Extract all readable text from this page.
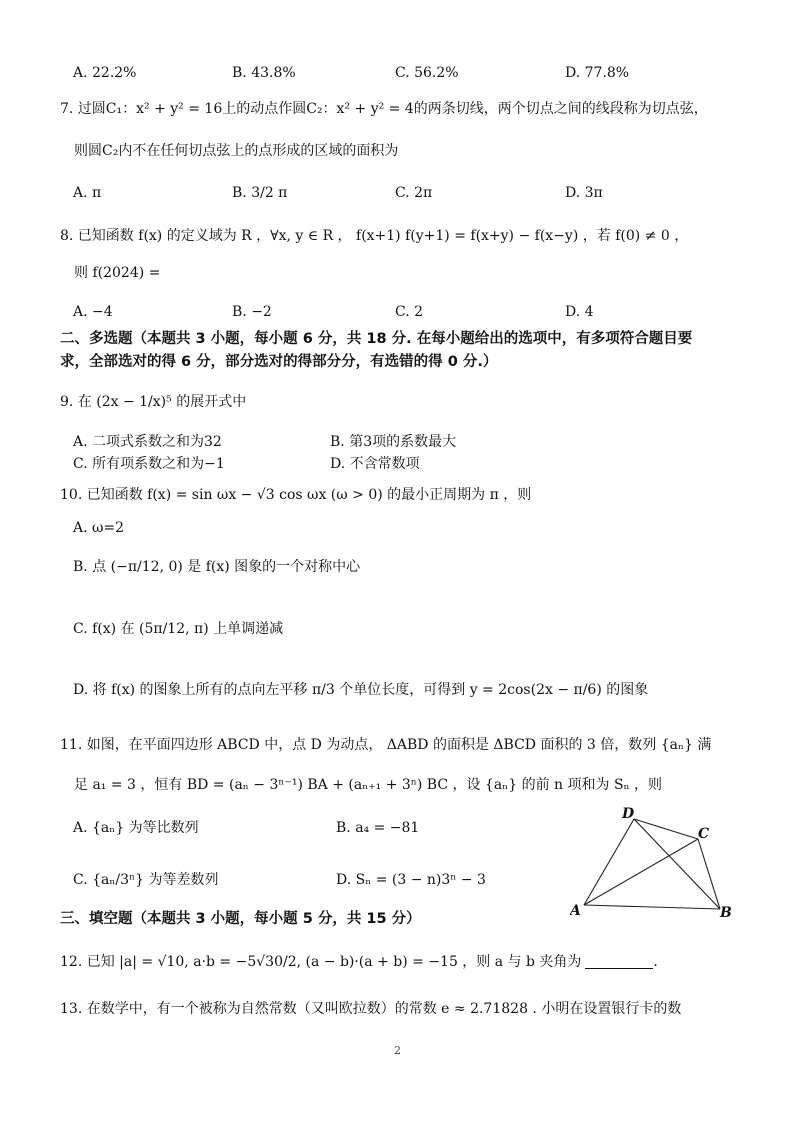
A. 22.2%	B. 43.8%	C. 56.2%	D. 77.8%
7. 过圆C₁：x² + y² = 16上的动点作圆C₂：x² + y² = 4的两条切线，两个切点之间的线段称为切点弦，
则圆C₂内不在任何切点弦上的点形成的区域的面积为
A. π	B. 3/2 π	C. 2π	D. 3π
8. 已知函数 f(x) 的定义域为 R ，∀x, y ∈ R ， f(x+1) f(y+1) = f(x+y) − f(x−y) ，若 f(0) ≠ 0 ，
则 f(2024) =
A. −4	B. −2	C. 2	D. 4
二、多选题（本题共 3 小题，每小题 6 分，共 18 分. 在每小题给出的选项中，有多项符合题目要
求，全部选对的得 6 分，部分选对的得部分分，有选错的得 0 分.）
9. 在 (2x − 1/x)⁵ 的展开式中
A. 二项式系数之和为32	B. 第3项的系数最大
C. 所有项系数之和为−1	D. 不含常数项
10. 已知函数 f(x) = sin ωx − √3 cos ωx (ω > 0) 的最小正周期为 π ，则
A. ω=2
B. 点 (−π/12, 0) 是 f(x) 图象的一个对称中心
C. f(x) 在 (5π/12, π) 上单调递减
D. 将 f(x) 的图象上所有的点向左平移 π/3 个单位长度，可得到 y = 2cos(2x − π/6) 的图象
11. 如图，在平面四边形 ABCD 中，点 D 为动点， ΔABD 的面积是 ΔBCD 面积的 3 倍，数列 {aₙ} 满
足 a₁ = 3 ，恒有 BD = (aₙ − 3ⁿ⁻¹) BA + (aₙ₊₁ + 3ⁿ) BC ，设 {aₙ} 的前 n 项和为 Sₙ ，则
A. {aₙ} 为等比数列	B. a₄ = −81
C. {aₙ/3ⁿ} 为等差数列	D. Sₙ = (3 − n)3ⁿ − 3
D
C
A	B
三、填空题（本题共 3 小题，每小题 5 分，共 15 分）
12. 已知 |a| = √10, a·b = −5√30/2, (a − b)·(a + b) = −15 ，则 a 与 b 夹角为	.
13. 在数学中，有一个被称为自然常数（又叫欧拉数）的常数 e ≈ 2.71828 . 小明在设置银行卡的数
2
